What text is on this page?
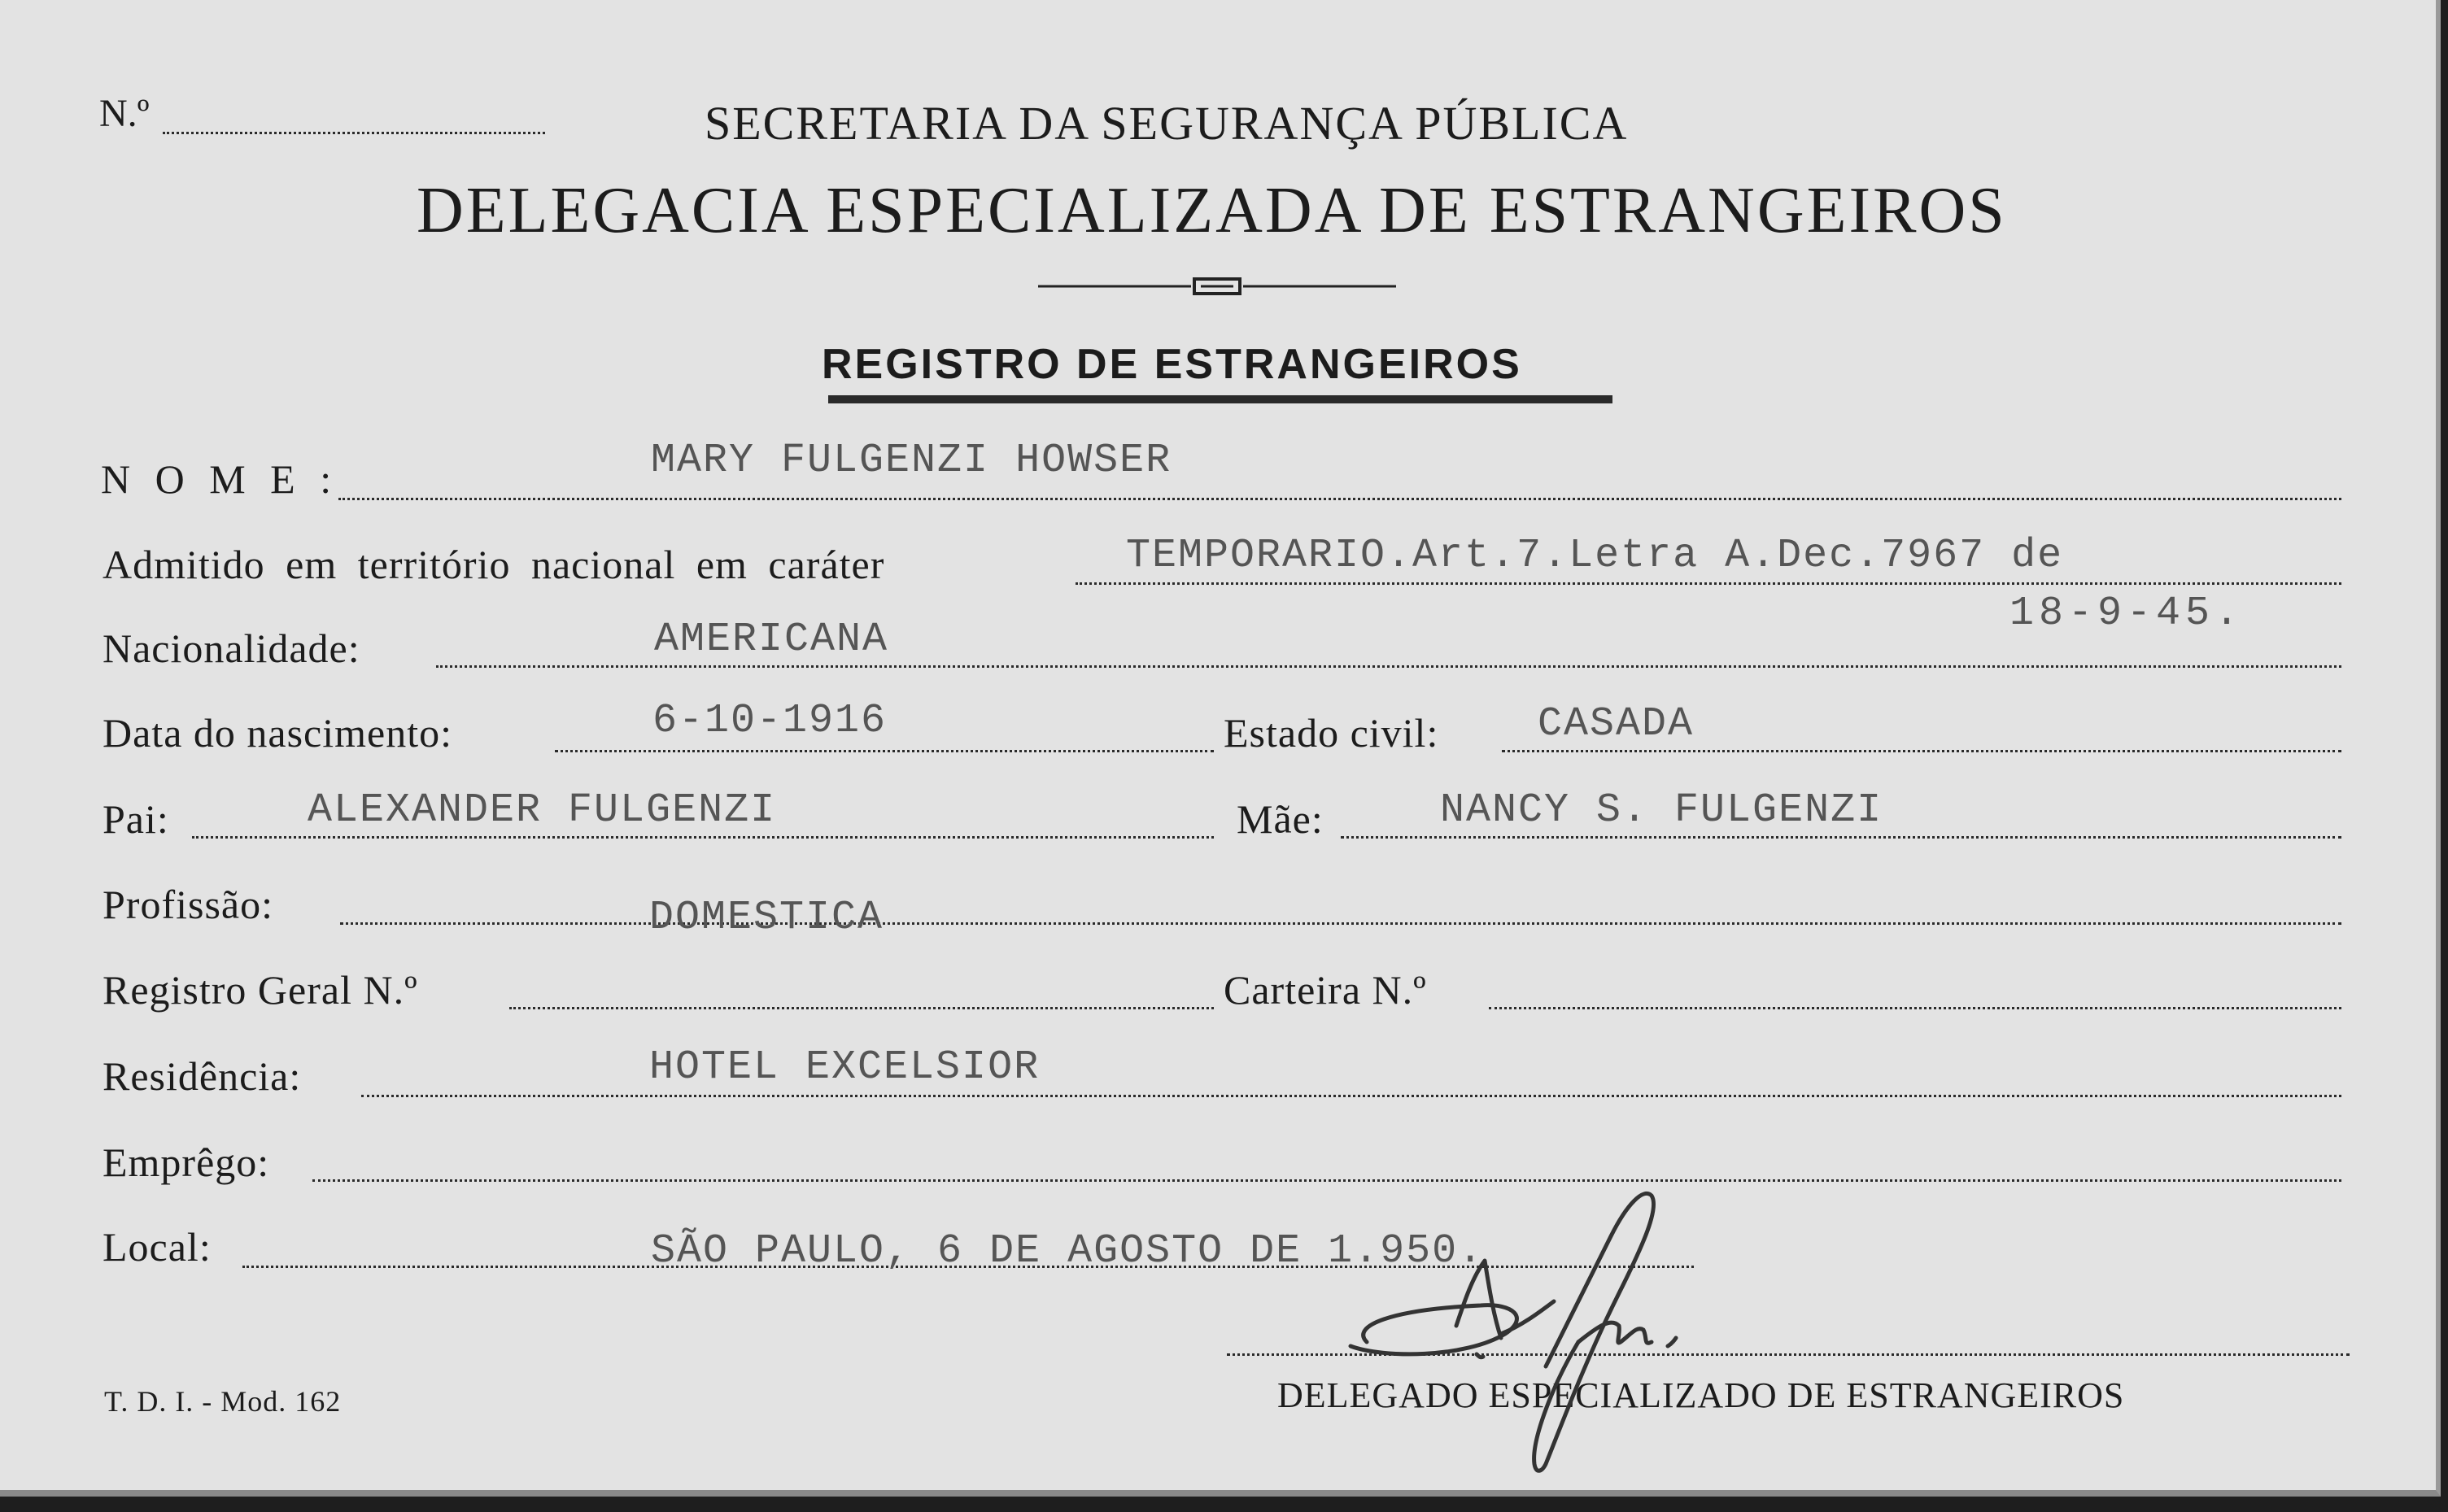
N.º	SECRETARIA DA SEGURANÇA PÚBLICA
DELEGACIA ESPECIALIZADA DE ESTRANGEIROS
REGISTRO DE ESTRANGEIROS
N O M E :	MARY FULGENZI HOWSER
Admitido em território nacional em caráter	TEMPORARIO.Art.7.Letra A.Dec.7967 de
18-9-45.
Nacionalidade:	AMERICANA
Data do nascimento:	6-10-1916	Estado civil: CASADA
Pai:	ALEXANDER FULGENZI	Mãe:	NANCY S. FULGENZI
Profissão:	DOMESTICA
Registro Geral N.º	Carteira N.º
Residência:	HOTEL EXCELSIOR
Emprêgo:
Local:	SÃO PAULO, 6 DE AGOSTO DE 1.950.
DELEGADO ESPECIALIZADO DE ESTRANGEIROS
T. D. I. - Mod. 162
